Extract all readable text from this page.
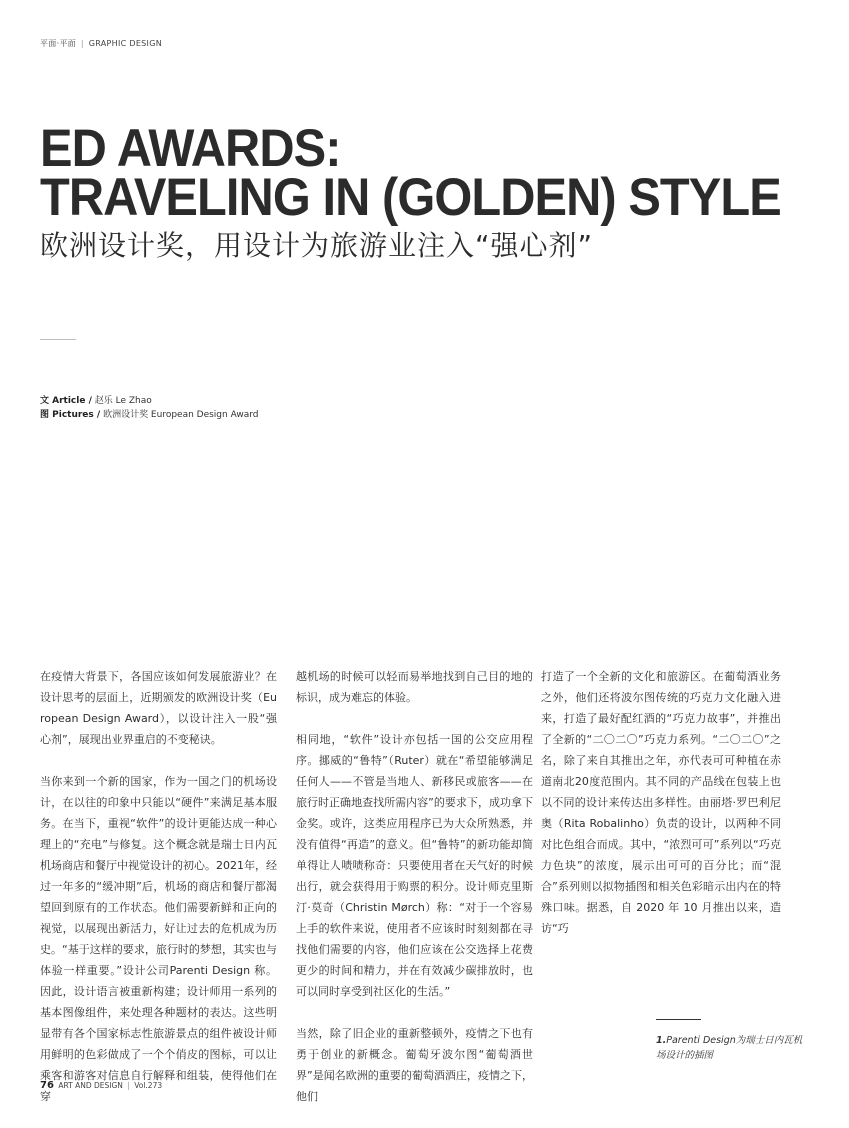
平面·平面 | GRAPHIC DESIGN
ED AWARDS:
TRAVELING IN (GOLDEN) STYLE
欧洲设计奖，用设计为旅游业注入“强心剂”
文 Article / 赵乐 Le Zhao
图 Pictures / 欧洲设计奖 European Design Award

在疫情大背景下，各国应该如何发展旅游业？在设计思考的层面上，近期颁发的欧洲设计奖（European Design Award），以设计注入一股“强心剂”，展现出业界重启的不变秘诀。

当你来到一个新的国家，作为一国之门的机场设计，在以往的印象中只能以“硬件”来满足基本服务。在当下，重视“软件”的设计更能达成一种心理上的“充电”与修复。这个概念就是瑞士日内瓦机场商店和餐厅中视觉设计的初心。2021年，经过一年多的“缓冲期”后，机场的商店和餐厅都渴望回到原有的工作状态。他们需要新鲜和正向的视觉，以展现出新活力，好让过去的危机成为历史。“基于这样的要求，旅行时的梦想，其实也与体验一样重要。”设计公司Parenti Design 称。因此，设计语言被重新构建；设计师用一系列的基本图像组件，来处理各种题材的表达。这些明显带有各个国家标志性旅游景点的组件被设计师用鲜明的色彩做成了一个个俏皮的图标，可以让乘客和游客对信息自行解释和组装，使得他们在穿

越机场的时候可以轻而易举地找到自己目的地的标识，成为难忘的体验。

相同地，“软件”设计亦包括一国的公交应用程序。挪威的“鲁特”（Ruter）就在“希望能够满足任何人——不管是当地人、新移民或旅客——在旅行时正确地查找所需内容”的要求下，成功拿下金奖。或许，这类应用程序已为大众所熟悉，并没有值得“再造”的意义。但“鲁特”的新功能却简单得让人啧啧称奇：只要使用者在天气好的时候出行，就会获得用于购票的积分。设计师克里斯汀·莫奇（Christin Mørch）称：“对于一个容易上手的软件来说，使用者不应该时时刻刻都在寻找他们需要的内容，他们应该在公交选择上花费更少的时间和精力，并在有效减少碳排放时，也可以同时享受到社区化的生活。”

当然，除了旧企业的重新整顿外，疫情之下也有勇于创业的新概念。葡萄牙波尔图“葡萄酒世界”是闻名欧洲的重要的葡萄酒酒庄，疫情之下，他们

打造了一个全新的文化和旅游区。在葡萄酒业务之外，他们还将波尔图传统的巧克力文化融入进来，打造了最好配红酒的“巧克力故事”，并推出了全新的“二〇二〇”巧克力系列。“二〇二〇”之名，除了来自其推出之年，亦代表可可种植在赤道南北20度范围内。其不同的产品线在包装上也以不同的设计来传达出多样性。由丽塔·罗巴利尼奥（Rita Robalinho）负责的设计，以两种不同对比色组合而成。其中，“浓烈可可”系列以“巧克力色块”的浓度，展示出可可的百分比；而“混合”系列则以拟物插图和相关色彩暗示出内在的特殊口味。据悉，自 2020 年 10 月推出以来，造访“巧

1.Parenti Design为瑞士日内瓦机场设计的插图
76 ART AND DESIGN | Vol.273
